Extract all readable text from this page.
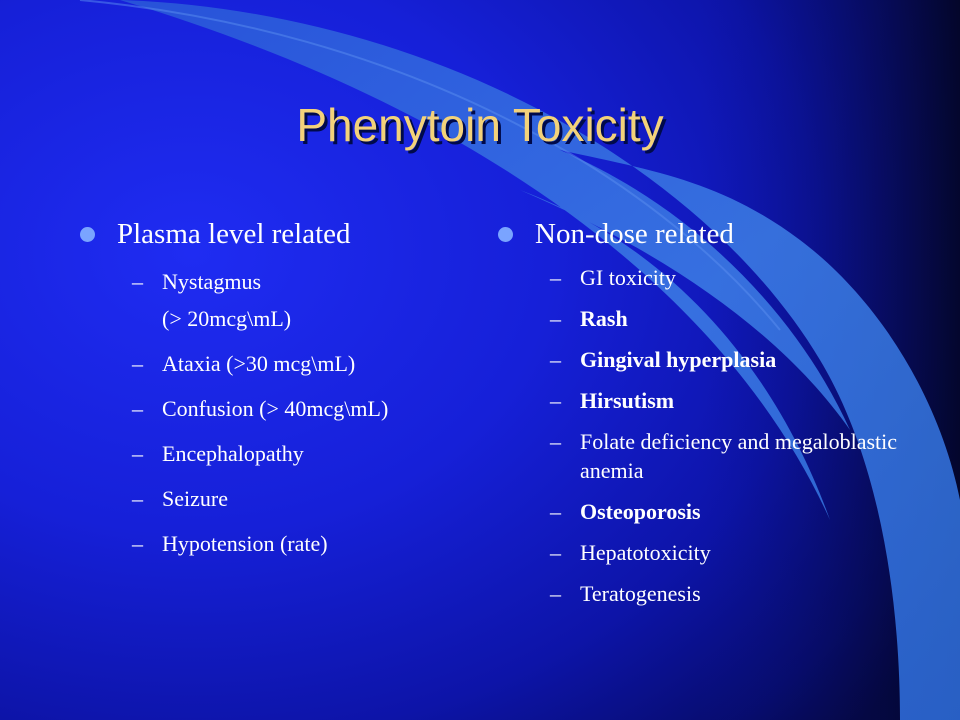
Phenytoin Toxicity
Plasma level related
– Nystagmus
(> 20mcg\mL)
– Ataxia (>30 mcg\mL)
– Confusion (> 40mcg\mL)
– Encephalopathy
– Seizure
– Hypotension (rate)
Non-dose related
– GI toxicity
– Rash
– Gingival hyperplasia
– Hirsutism
– Folate deficiency and megaloblastic anemia
– Osteoporosis
– Hepatotoxicity
– Teratogenesis
